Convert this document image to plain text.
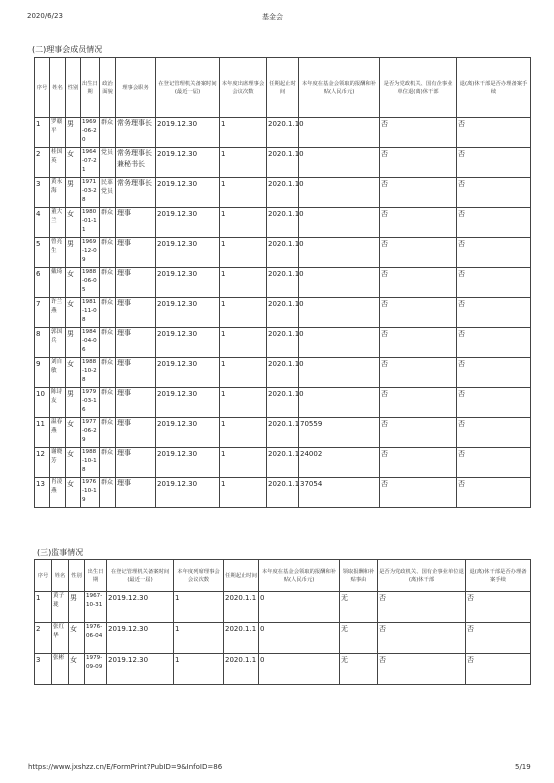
2020/6/23	基金会
(二)理事会成员情况
序号	姓名	性别	出生日期	政治面貌	理事会职务	在登记管理机关备案时间(最近一届)	本年度出席理事会会议次数	任期起止时间	本年度在基金会领取的报酬和补贴(人民币元)	是否为党政机关、国有企事业单位退(离)休干部	退(离)休干部是否办理备案手续
1	罗赣平	男	1969-06-20	群众	常务理事长	2019.12.30	1	2020.1.10		否	否
2	桂国英	女	1964-07-21	党员	常务理事长兼秘书长	2019.12.30	1	2020.1.10		否	否
3	黄永海	男	1971-03-28	民革党员	常务理事长	2019.12.30	1	2020.1.10		否	否
4	董大兰	女	1980-01-11	群众	理事	2019.12.30	1	2020.1.10		否	否
5	曾亮生	男	1969-12-09	群众	理事	2019.12.30	1	2020.1.10		否	否
6	戴琦	女	1988-06-05	群众	理事	2019.12.30	1	2020.1.10		否	否
7	许兰燕	女	1981-11-08	群众	理事	2019.12.30	1	2020.1.10		否	否
8	郭国兵	男	1984-04-06	群众	理事	2019.12.30	1	2020.1.10		否	否
9	刘自敏	女	1988-10-28	群众	理事	2019.12.30	1	2020.1.10		否	否
10	陈诗友	男	1979-03-16	群众	理事	2019.12.30	1	2020.1.10		否	否
11	温春燕	女	1977-06-29	群众	理事	2019.12.30	1	2020.1.1	70559	否	否
12	谢晓芳	女	1988-10-18	群众	理事	2019.12.30	1	2020.1.1	24002	否	否
13	肖凌燕	女	1976-10-19	群众	理事	2019.12.30	1	2020.1.1	37054	否	否
(三)监事情况
序号	姓名	性别	出生日期	在登记管理机关备案时间(最近一届)	本年度列席理事会会议次数	任期起止时间	本年度在基金会领取的报酬和补贴(人民币元)	领取报酬和补贴事由	是否为党政机关、国有企事业单位退(离)休干部	退(离)休干部是否办理备案手续
1	黄子珑	男	1967-10-31	2019.12.30	1	2020.1.1	0	无	否	否
2	张红华	女	1976-06-04	2019.12.30	1	2020.1.1	0	无	否	否
3	张彬	女	1979-09-09	2019.12.30	1	2020.1.1	0	无	否	否
https://www.jxshzz.cn/E/FormPrint?PubID=9&InfoID=86	5/19
